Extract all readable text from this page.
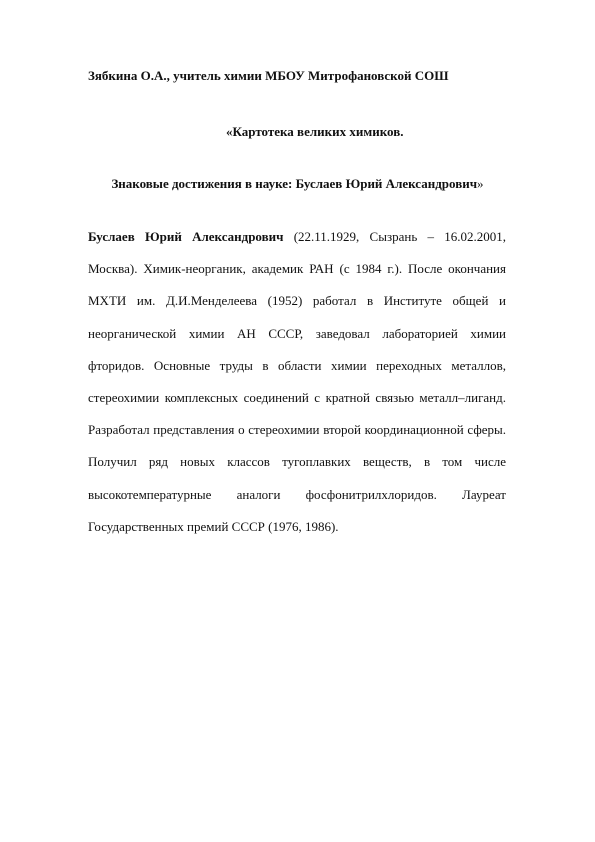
Зябкина О.А., учитель химии МБОУ Митрофановской СОШ
«Картотека великих химиков.
Знаковые достижения в науке: Буслаев Юрий Александрович»

Буслаев Юрий Александрович (22.11.1929, Сызрань – 16.02.2001, Москва). Химик-неорганик, академик РАН (с 1984 г.). После окончания МХТИ им. Д.И.Менделеева (1952) работал в Институте общей и неорганической химии АН СССР, заведовал лабораторией химии фторидов. Основные труды в области химии переходных металлов, стереохимии комплексных соединений с кратной связью металл–лиганд. Разработал представления о стереохимии второй координационной сферы. Получил ряд новых классов тугоплавких веществ, в том числе высокотемпературные аналоги фосфонитрилхлоридов. Лауреат Государственных премий СССР (1976, 1986).
